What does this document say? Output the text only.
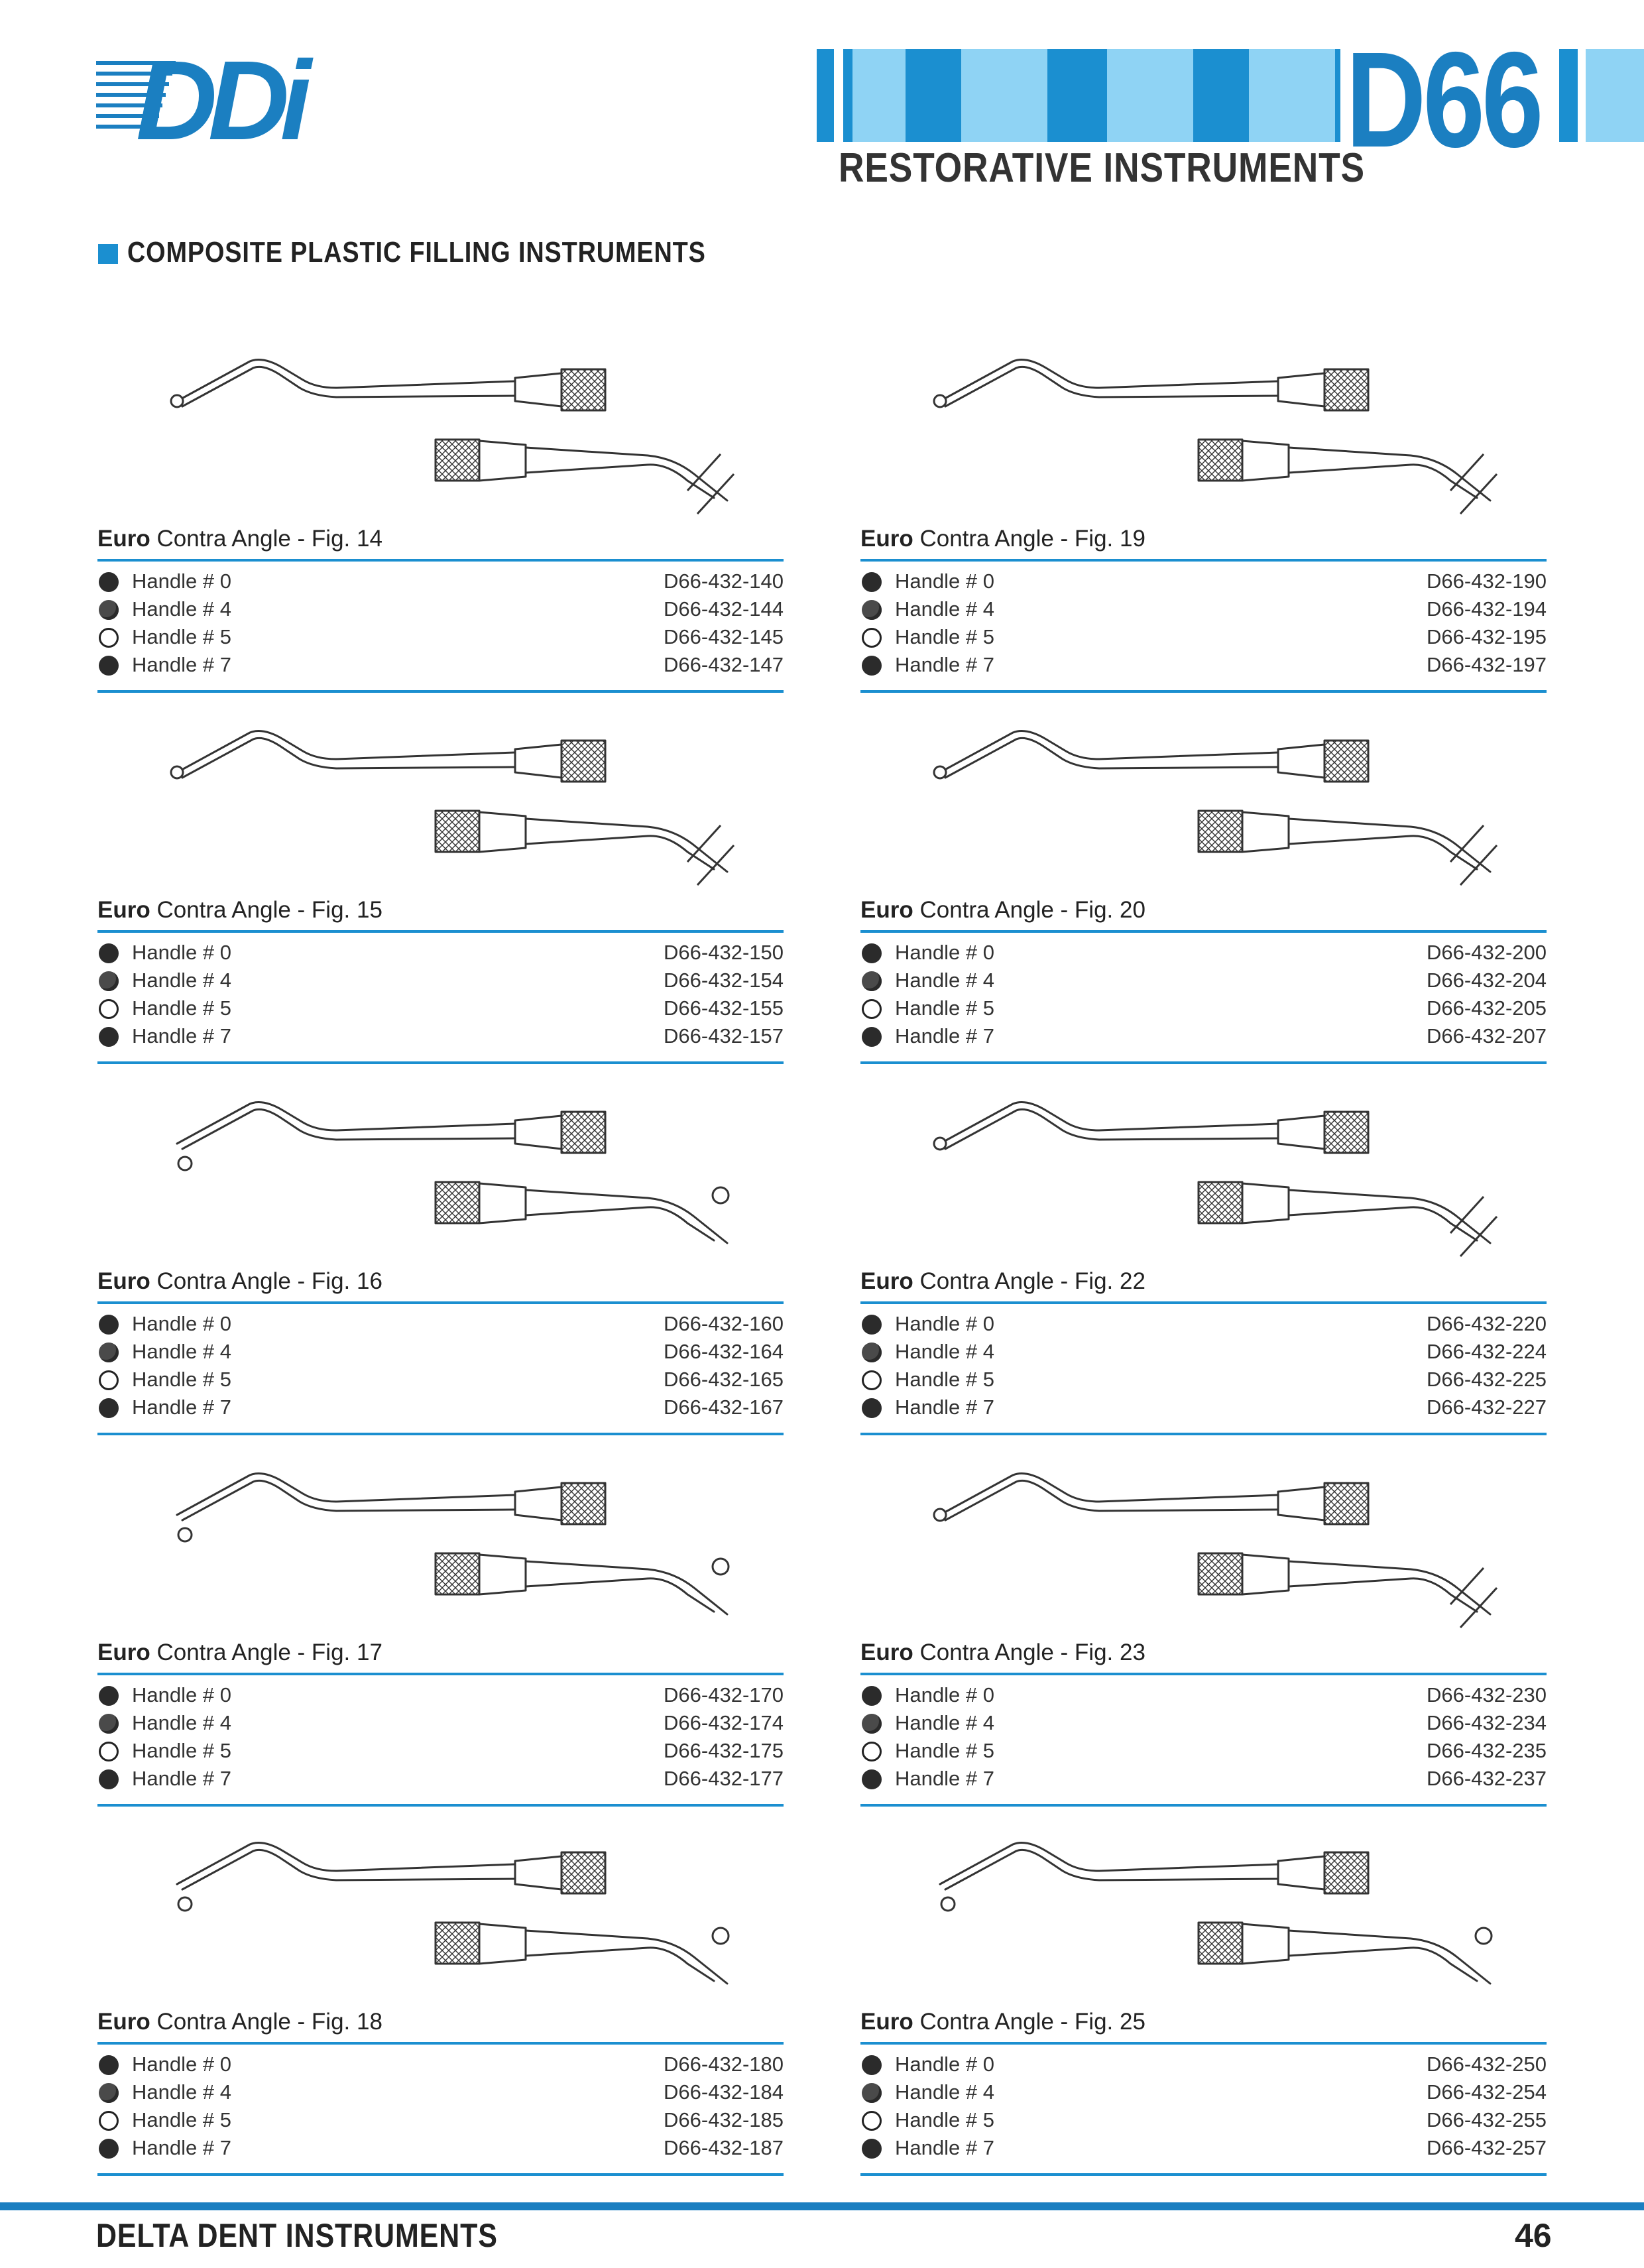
DDi	D66
RESTORATIVE INSTRUMENTS
COMPOSITE PLASTIC FILLING INSTRUMENTS
Euro Contra Angle - Fig. 14
Handle # 0	D66-432-140
Handle # 4	D66-432-144
Handle # 5	D66-432-145
Handle # 7	D66-432-147
Euro Contra Angle - Fig. 19
Handle # 0	D66-432-190
Handle # 4	D66-432-194
Handle # 5	D66-432-195
Handle # 7	D66-432-197
Euro Contra Angle - Fig. 15
Handle # 0	D66-432-150
Handle # 4	D66-432-154
Handle # 5	D66-432-155
Handle # 7	D66-432-157
Euro Contra Angle - Fig. 20
Handle # 0	D66-432-200
Handle # 4	D66-432-204
Handle # 5	D66-432-205
Handle # 7	D66-432-207
Euro Contra Angle - Fig. 16
Handle # 0	D66-432-160
Handle # 4	D66-432-164
Handle # 5	D66-432-165
Handle # 7	D66-432-167
Euro Contra Angle - Fig. 22
Handle # 0	D66-432-220
Handle # 4	D66-432-224
Handle # 5	D66-432-225
Handle # 7	D66-432-227
Euro Contra Angle - Fig. 17
Handle # 0	D66-432-170
Handle # 4	D66-432-174
Handle # 5	D66-432-175
Handle # 7	D66-432-177
Euro Contra Angle - Fig. 23
Handle # 0	D66-432-230
Handle # 4	D66-432-234
Handle # 5	D66-432-235
Handle # 7	D66-432-237
Euro Contra Angle - Fig. 18
Handle # 0	D66-432-180
Handle # 4	D66-432-184
Handle # 5	D66-432-185
Handle # 7	D66-432-187
Euro Contra Angle - Fig. 25
Handle # 0	D66-432-250
Handle # 4	D66-432-254
Handle # 5	D66-432-255
Handle # 7	D66-432-257
DELTA DENT INSTRUMENTS	46
